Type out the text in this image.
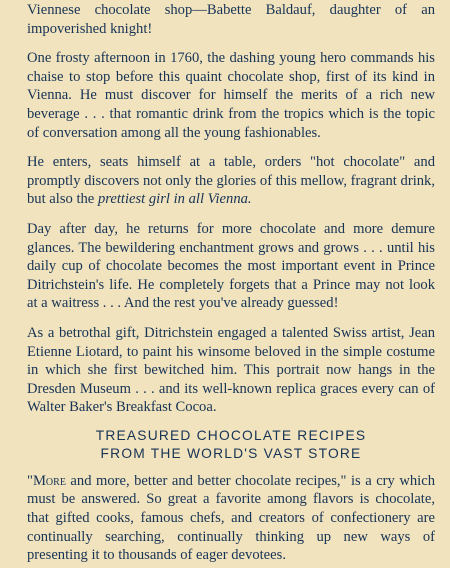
Viennese chocolate shop—Babette Baldauf, daughter of an impoverished knight!

One frosty afternoon in 1760, the dashing young hero commands his chaise to stop before this quaint chocolate shop, first of its kind in Vienna. He must discover for himself the merits of a rich new beverage . . . that romantic drink from the tropics which is the topic of conversation among all the young fashionables.

He enters, seats himself at a table, orders "hot chocolate" and promptly discovers not only the glories of this mellow, fragrant drink, but also the prettiest girl in all Vienna.

Day after day, he returns for more chocolate and more demure glances. The bewildering enchantment grows and grows . . . until his daily cup of chocolate becomes the most important event in Prince Ditrichstein's life. He completely forgets that a Prince may not look at a waitress . . . And the rest you've already guessed!

As a betrothal gift, Ditrichstein engaged a talented Swiss artist, Jean Etienne Liotard, to paint his winsome beloved in the simple costume in which she first bewitched him. This portrait now hangs in the Dresden Museum . . . and its well-known replica graces every can of Walter Baker's Breakfast Cocoa.

TREASURED CHOCOLATE RECIPES
FROM THE WORLD'S VAST STORE

"More and more, better and better chocolate recipes," is a cry which must be answered. So great a favorite among flavors is chocolate, that gifted cooks, famous chefs, and creators of confectionery are continually searching, continually thinking up new ways of presenting it to thousands of eager devotees.
